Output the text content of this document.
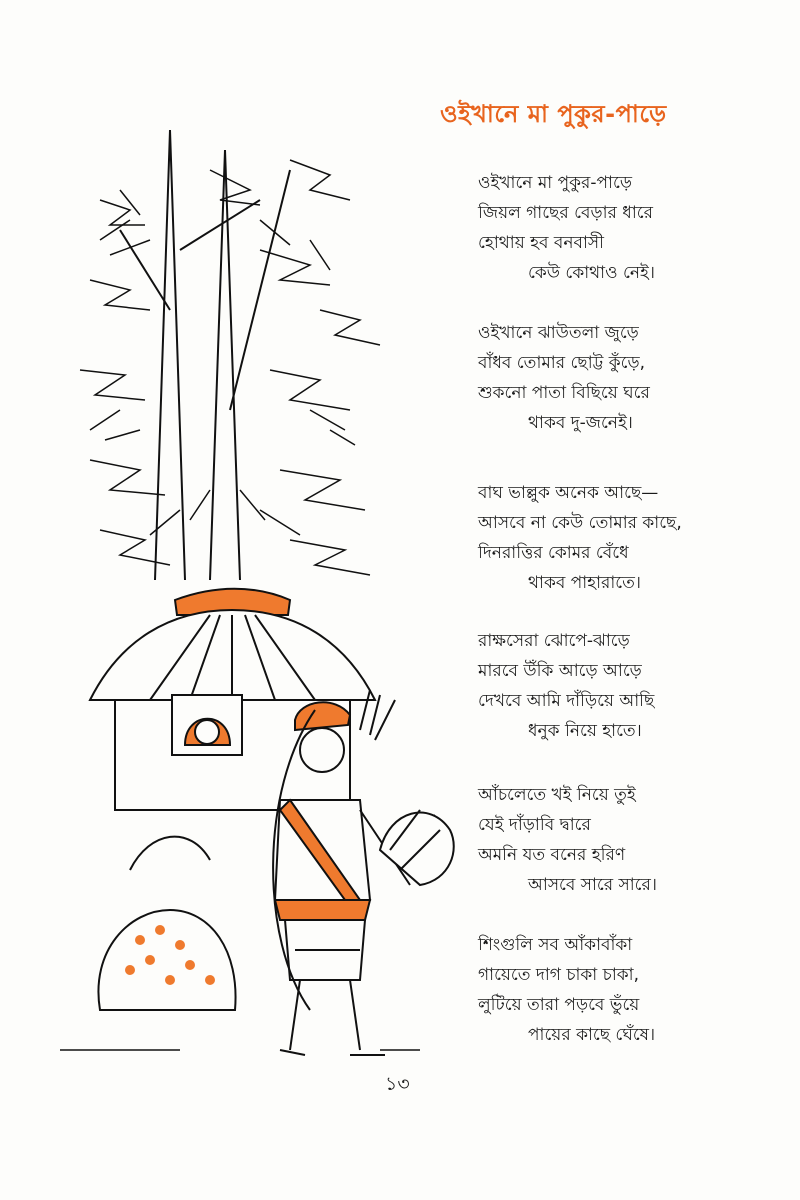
ওইখানে মা পুকুর-পাড়ে
ওইখানে মা পুকুর-পাড়ে
জিয়ল গাছের বেড়ার ধারে
হোথায় হব বনবাসী
কেউ কোথাও নেই।
ওইখানে ঝাউতলা জুড়ে
বাঁধব তোমার ছোট্ট কুঁড়ে,
শুকনো পাতা বিছিয়ে ঘরে
থাকব দু-জনেই।
বাঘ ভাল্লুক অনেক আছে—
আসবে না কেউ তোমার কাছে,
দিনরাত্তির কোমর বেঁধে
থাকব পাহারাতে।
রাক্ষসেরা ঝোপে-ঝাড়ে
মারবে উঁকি আড়ে আড়ে
দেখবে আমি দাঁড়িয়ে আছি
ধনুক নিয়ে হাতে।
আঁচলেতে খই নিয়ে তুই
যেই দাঁড়াবি দ্বারে
অমনি যত বনের হরিণ
আসবে সারে সারে।
শিংগুলি সব আঁকাবাঁকা
গায়েতে দাগ চাকা চাকা,
লুটিয়ে তারা পড়বে ভুঁয়ে
পায়ের কাছে ঘেঁষে।
১৩
